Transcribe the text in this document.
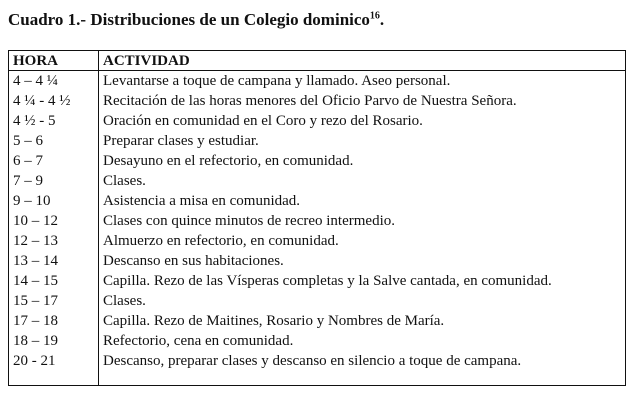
Cuadro 1.- Distribuciones de un Colegio dominico$^{16}$.
HORA	ACTIVIDAD
4 – 4 ¼	Levantarse a toque de campana y llamado. Aseo personal.
4 ¼ - 4 ½	Recitación de las horas menores del Oficio Parvo de Nuestra Señora.
4 ½ - 5	Oración en comunidad en el Coro y rezo del Rosario.
5 – 6	Preparar clases y estudiar.
6 – 7	Desayuno en el refectorio, en comunidad.
7 – 9	Clases.
9 – 10	Asistencia a misa en comunidad.
10 – 12	Clases con quince minutos de recreo intermedio.
12 – 13	Almuerzo en refectorio, en comunidad.
13 – 14	Descanso en sus habitaciones.
14 – 15	Capilla. Rezo de las Vísperas completas y la Salve cantada, en comunidad.
15 – 17	Clases.
17 – 18	Capilla. Rezo de Maitines, Rosario y Nombres de María.
18 – 19	Refectorio, cena en comunidad.
20 - 21	Descanso, preparar clases y descanso en silencio a toque de campana.
